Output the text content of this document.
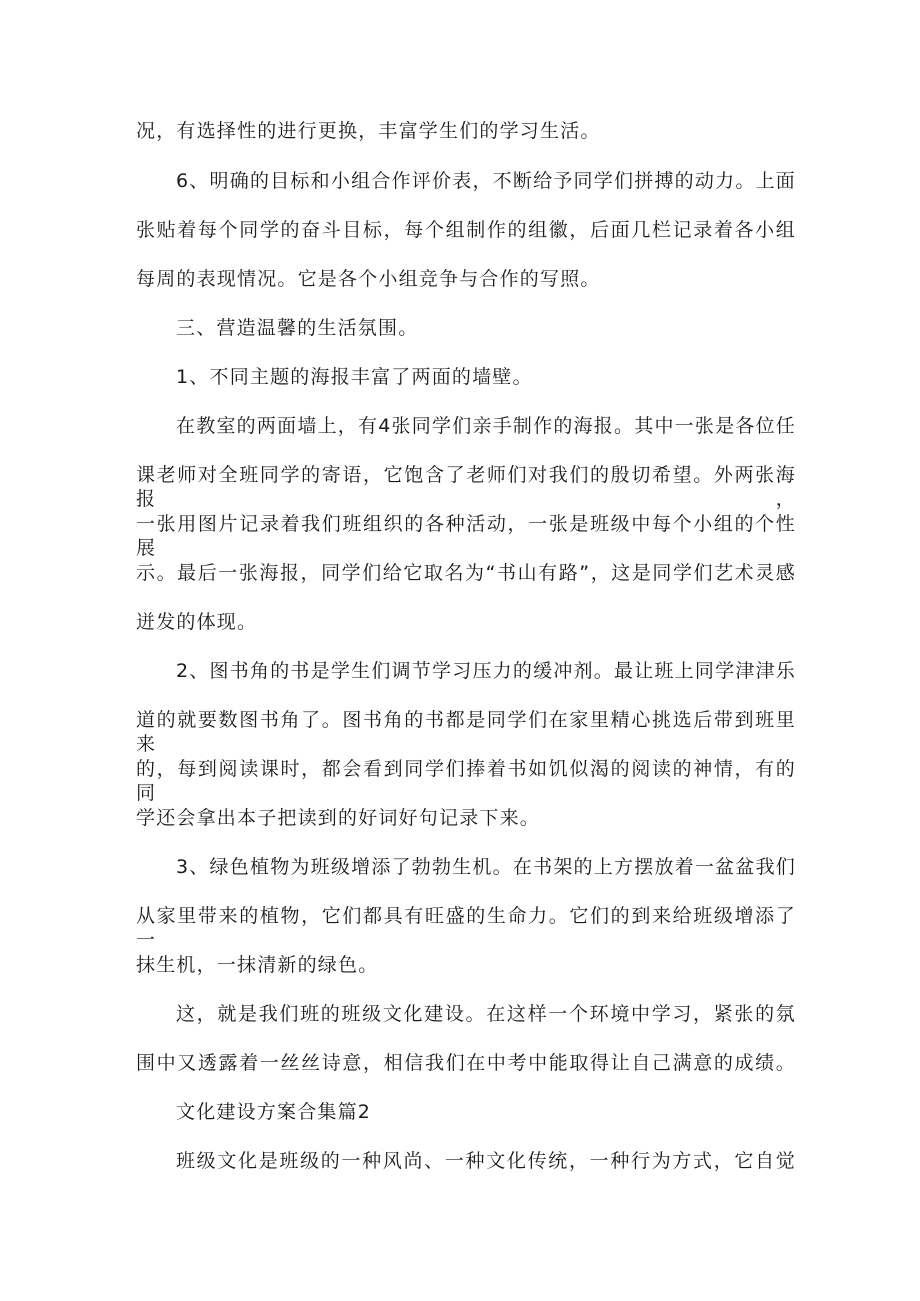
况，有选择性的进行更换，丰富学生们的学习生活。

6、明确的目标和小组合作评价表，不断给予同学们拼搏的动力。上面

张贴着每个同学的奋斗目标，每个组制作的组徽，后面几栏记录着各小组

每周的表现情况。它是各个小组竞争与合作的写照。

三、营造温馨的生活氛围。

1、不同主题的海报丰富了两面的墙壁。

在教室的两面墙上，有4张同学们亲手制作的海报。其中一张是各位任

课老师对全班同学的寄语，它饱含了老师们对我们的殷切希望。外两张海报，

一张用图片记录着我们班组织的各种活动，一张是班级中每个小组的个性展

示。最后一张海报，同学们给它取名为“书山有路”，这是同学们艺术灵感

迸发的体现。

2、图书角的书是学生们调节学习压力的缓冲剂。最让班上同学津津乐

道的就要数图书角了。图书角的书都是同学们在家里精心挑选后带到班里来

的，每到阅读课时，都会看到同学们捧着书如饥似渴的阅读的神情，有的同

学还会拿出本子把读到的好词好句记录下来。

3、绿色植物为班级增添了勃勃生机。在书架的上方摆放着一盆盆我们

从家里带来的植物，它们都具有旺盛的生命力。它们的到来给班级增添了一

抹生机，一抹清新的绿色。

这，就是我们班的班级文化建设。在这样一个环境中学习，紧张的氛

围中又透露着一丝丝诗意，相信我们在中考中能取得让自己满意的成绩。

文化建设方案合集篇2

班级文化是班级的一种风尚、一种文化传统，一种行为方式，它自觉
